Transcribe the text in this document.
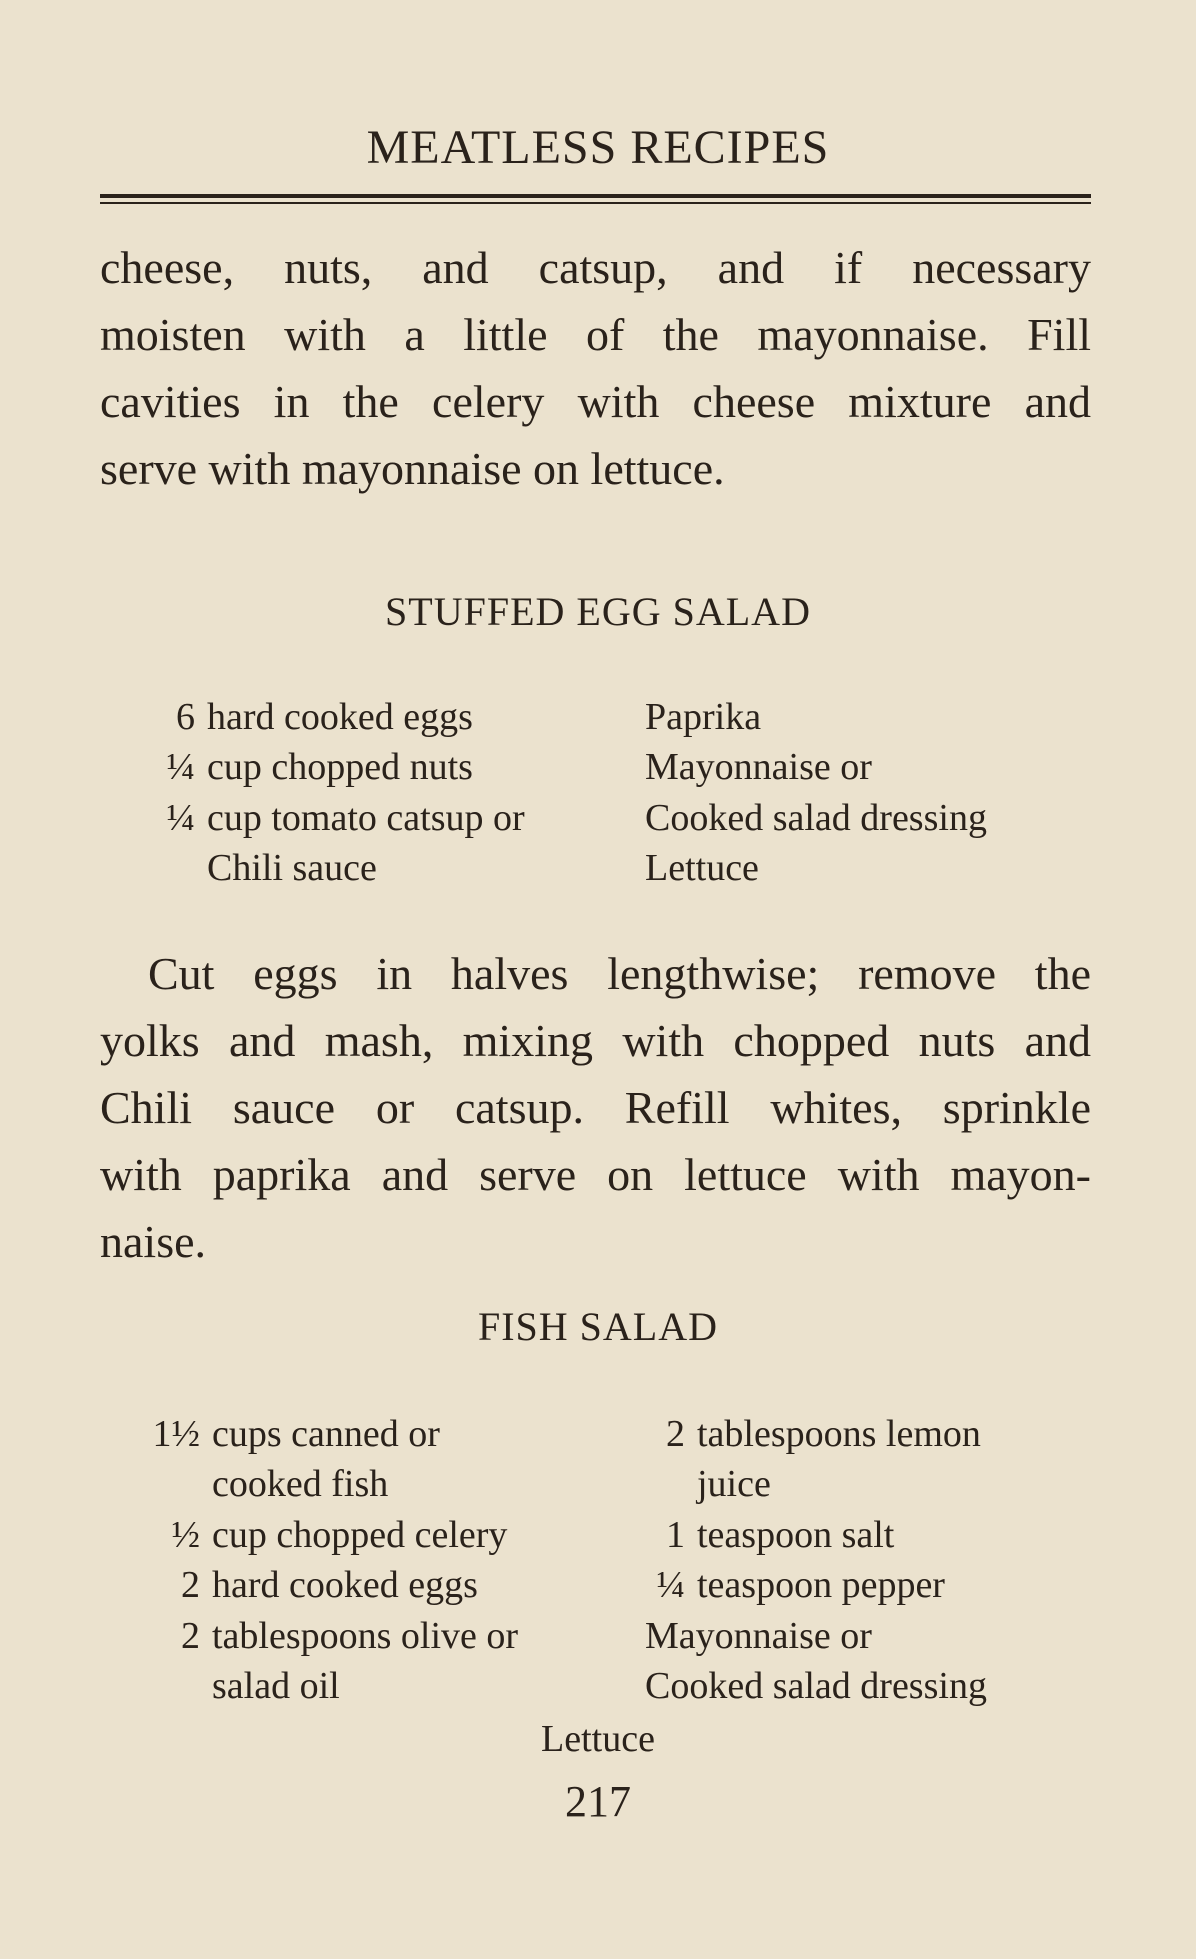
MEATLESS RECIPES
cheese, nuts, and catsup, and if necessary
moisten with a little of the mayonnaise. Fill
cavities in the celery with cheese mixture and
serve with mayonnaise on lettuce.
STUFFED EGG SALAD
6 hard cooked eggs
¼ cup chopped nuts
¼ cup tomato catsup or
Chili sauce
Paprika
Mayonnaise or
Cooked salad dressing
Lettuce
Cut eggs in halves lengthwise; remove the
yolks and mash, mixing with chopped nuts and
Chili sauce or catsup. Refill whites, sprinkle
with paprika and serve on lettuce with mayon-
naise.
FISH SALAD
1½ cups canned or
cooked fish
½ cup chopped celery
2 hard cooked eggs
2 tablespoons olive or
salad oil
2 tablespoons lemon
juice
1 teaspoon salt
¼ teaspoon pepper
Mayonnaise or
Cooked salad dressing
Lettuce
217
